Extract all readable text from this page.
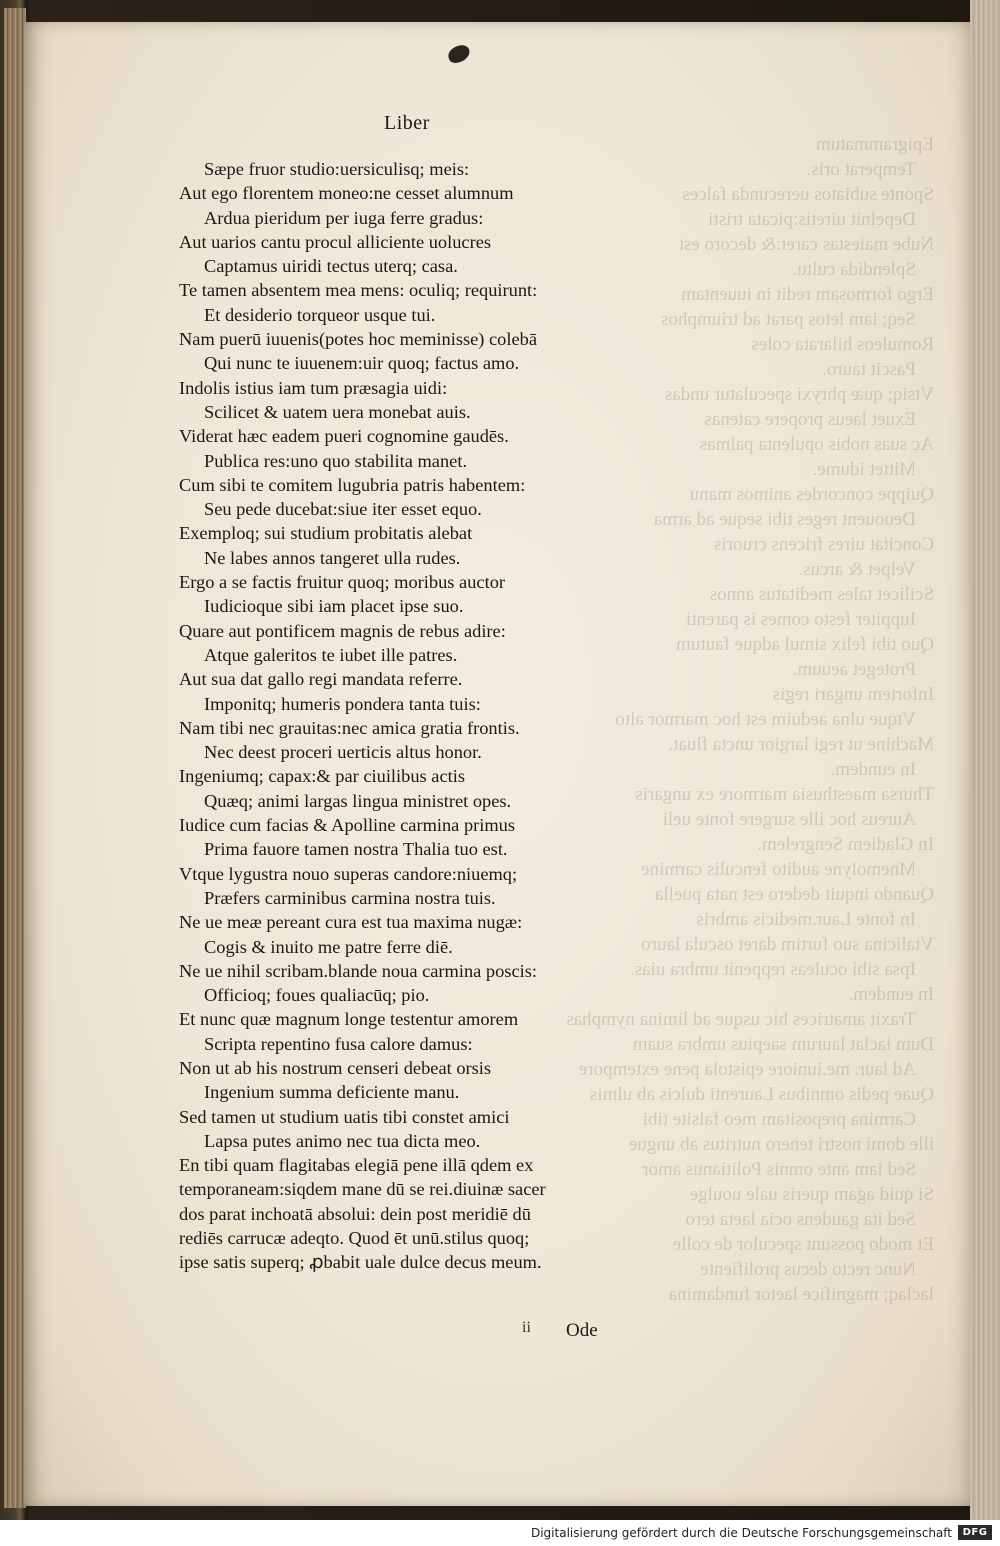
Epigrammatum
Temperat oris.
Sponte subiatos uerecunda falces
Depelnit uiretis:picata tristi
Nube maiestas caret:& decoro est
Splendida cultu.
Ergo formosam redit in iuuentam
Seq; iam letos parat ad triumphos
Romuleos hilarata coles
Pascit tauro.
Vtsiq; quæ phryxi speculatur undas
Exuet laeus propere catenas
Ac suas nobis opulenta palmas
Mittet idume.
Quippe concordes animos manu
Deuouent reges tibi seque ad arma
Concitat uires fricens cruoris
Velpet & arcus.
Scilicet tales meditatus annos
Iuppiter festo comes is parenti
Quo tibi felix simul adque fautum
Proteget aeuum.
Infortem ungari regis
Vtque ulna aeduim est hoc marmor alto
Machine ut regi largior uncta fluat.
In eundem.
Thursa maesthusia marmore ex ungaris
Aureus hoc ille surgere fonte ueli
In Gladiem Sengrelem.
Mnemolyne audito fenculis carmine
Quando inquit dedero est nata puella
In fonte Laur.medicis ambris
Vtalicina suo furtim daret oscula lauro
Ipsa sibi oculeas reppenit umbra uias.
In eundem.
Traxit amatrices hic usque ad limina nymphas
Dum iaclat laurum saepius umbra suam
Ad laur. me.iuniore epistola pene extempore
Quae pedis omnibus Laurenti dulcis ab ulmis
Carmina prepositam meo falsite tibi
ille domi nostri tenero nutritus ab ungue
Sed iam ante omnis Politianus amor
Si quid agam queris uale uoulge
Sed ita gaudens ocia laeta tero
Et modo possunt speculor de colle
Nunc recto decus prolifiente
laclaq; magnifice laetor fundamina
Liber
Sæpe fruor studio:uersiculisq; meis:
Aut ego florentem moneo:ne cesset alumnum
Ardua pieridum per iuga ferre gradus:
Aut uarios cantu procul alliciente uolucres
Captamus uiridi tectus uterq; casa.
Te tamen absentem mea mens: oculiq; requirunt:
Et desiderio torqueor usque tui.
Nam puerū iuuenis(potes hoc meminisse) colebā
Qui nunc te iuuenem:uir quoq; factus amo.
Indolis istius iam tum præsagia uidi:
Scilicet & uatem uera monebat auis.
Viderat hæc eadem pueri cognomine gaudēs.
Publica res:uno quo stabilita manet.
Cum sibi te comitem lugubria patris habentem:
Seu pede ducebat:siue iter esset equo.
Exemploq; sui studium probitatis alebat
Ne labes annos tangeret ulla rudes.
Ergo a se factis fruitur quoq; moribus auctor
Iudicioque sibi iam placet ipse suo.
Quare aut pontificem magnis de rebus adire:
Atque galeritos te iubet ille patres.
Aut sua dat gallo regi mandata referre.
Imponitq; humeris pondera tanta tuis:
Nam tibi nec grauitas:nec amica gratia frontis.
Nec deest proceri uerticis altus honor.
Ingeniumq; capax:& par ciuilibus actis
Quæq; animi largas lingua ministret opes.
Iudice cum facias & Apolline carmina primus
Prima fauore tamen nostra Thalia tuo est.
Vtque lygustra nouo superas candore:niuemq;
Præfers carminibus carmina nostra tuis.
Ne ue meæ pereant cura est tua maxima nugæ:
Cogis & inuito me patre ferre diē.
Ne ue nihil scribam.blande noua carmina poscis:
Officioq; foues qualiacūq; pio.
Et nunc quæ magnum longe testentur amorem
Scripta repentino fusa calore damus:
Non ut ab his nostrum censeri debeat orsis
Ingenium summa deficiente manu.
Sed tamen ut studium uatis tibi constet amici
Lapsa putes animo nec tua dicta meo.
En tibi quam flagitabas elegiā pene illā qdem ex
temporaneam:siqdem mane dū se rei.diuinæ sacer
dos parat inchoatā absolui: dein post meridiē dū
rediēs carrucæ adeqto. Quod ēt unū.stilus quoq;
ipse satis superq; ꝓbabit uale dulce decus meum.
ii Ode
Digitalisierung gefördert durch die Deutsche Forschungsgemeinschaft	DFG
